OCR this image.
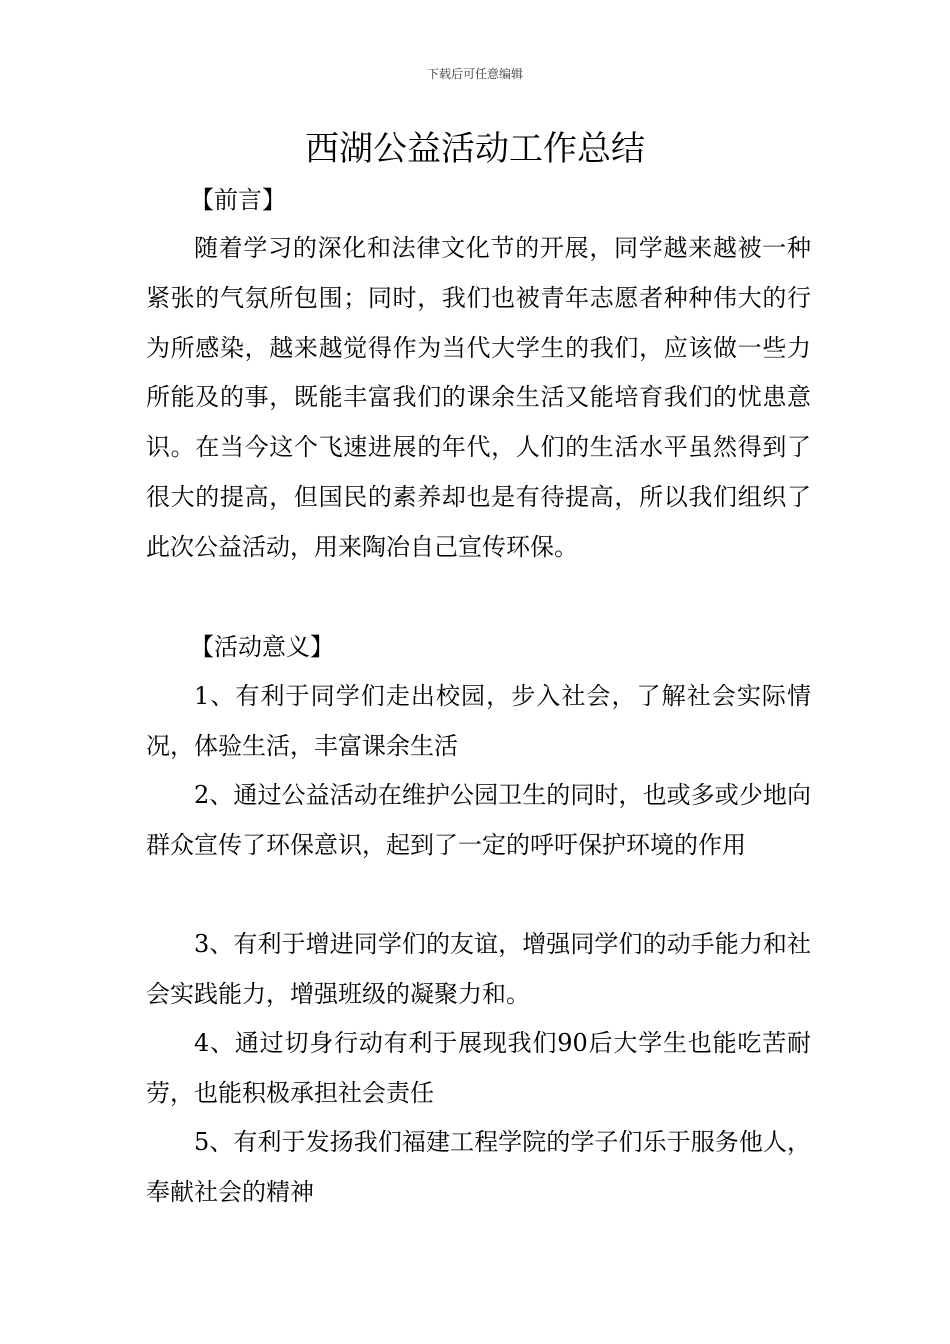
下载后可任意编辑
西湖公益活动工作总结

【前言】

随着学习的深化和法律文化节的开展，同学越来越被一种紧张的气氛所包围；同时，我们也被青年志愿者种种伟大的行为所感染，越来越觉得作为当代大学生的我们，应该做一些力所能及的事，既能丰富我们的课余生活又能培育我们的忧患意识。在当今这个飞速进展的年代，人们的生活水平虽然得到了很大的提高，但国民的素养却也是有待提高，所以我们组织了此次公益活动，用来陶冶自己宣传环保。

【活动意义】

1、有利于同学们走出校园，步入社会，了解社会实际情况，体验生活，丰富课余生活

2、通过公益活动在维护公园卫生的同时，也或多或少地向群众宣传了环保意识，起到了一定的呼吁保护环境的作用

3、有利于增进同学们的友谊，增强同学们的动手能力和社会实践能力，增强班级的凝聚力和。

4、通过切身行动有利于展现我们90后大学生也能吃苦耐劳，也能积极承担社会责任

5、有利于发扬我们福建工程学院的学子们乐于服务他人，奉献社会的精神
